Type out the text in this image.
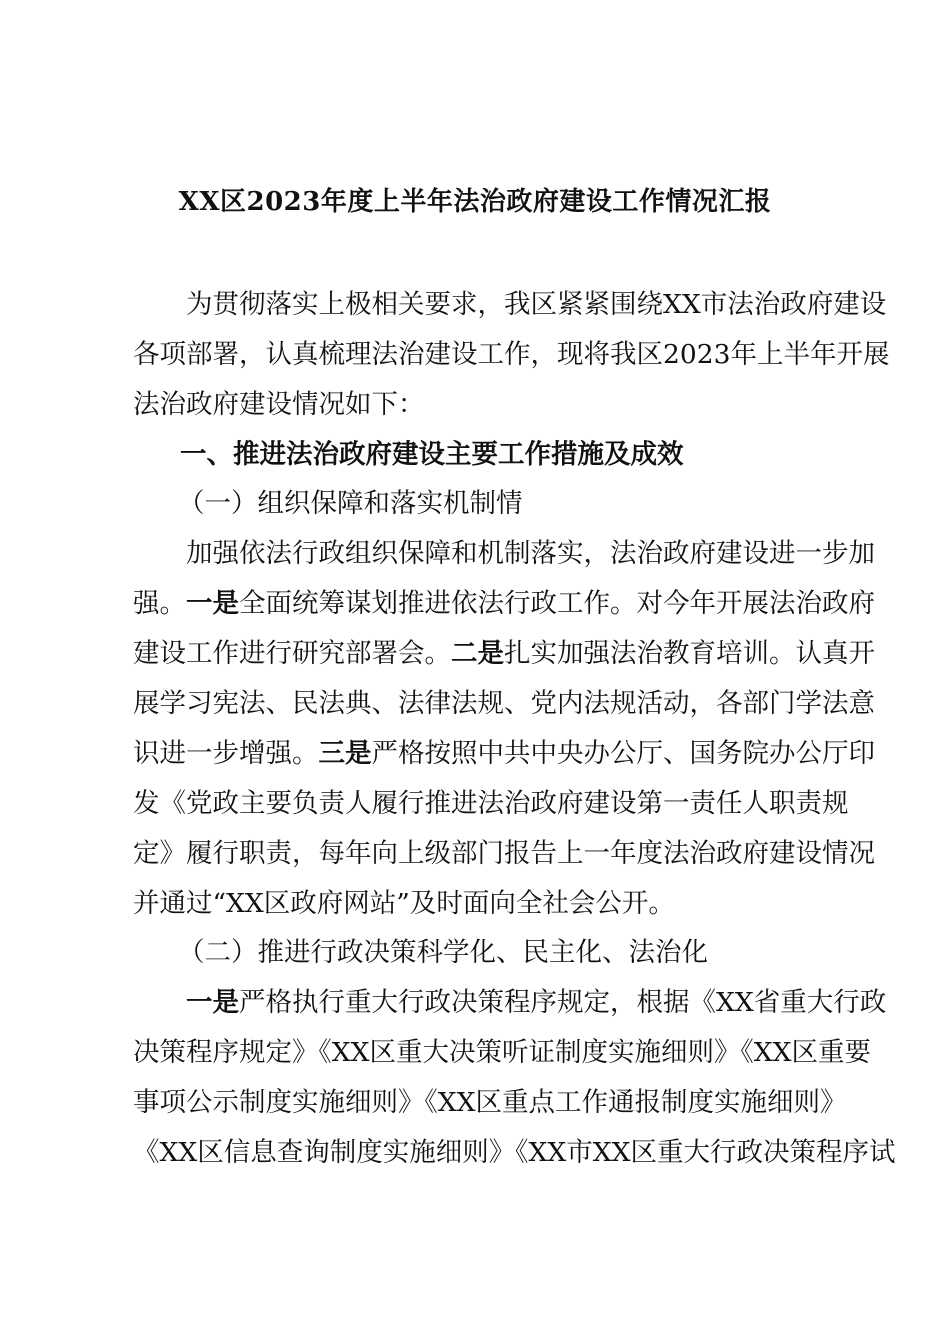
XX区2023年度上半年法治政府建设工作情况汇报
为贯彻落实上极相关要求，我区紧紧围绕XX市法治政府建设
各项部署，认真梳理法治建设工作，现将我区2023年上半年开展
法治政府建设情况如下：
一、推进法治政府建设主要工作措施及成效
（一）组织保障和落实机制情
加强依法行政组织保障和机制落实，法治政府建设进一步加
强。一是全面统筹谋划推进依法行政工作。对今年开展法治政府
建设工作进行研究部署会。二是扎实加强法治教育培训。认真开
展学习宪法、民法典、法律法规、党内法规活动，各部门学法意
识进一步增强。三是严格按照中共中央办公厅、国务院办公厅印
发《党政主要负责人履行推进法治政府建设第一责任人职责规
定》履行职责，每年向上级部门报告上一年度法治政府建设情况
并通过“XX区政府网站”及时面向全社会公开。
（二）推进行政决策科学化、民主化、法治化
一是严格执行重大行政决策程序规定，根据《XX省重大行政
决策程序规定》《XX区重大决策听证制度实施细则》《XX区重要
事项公示制度实施细则》《XX区重点工作通报制度实施细则》
《XX区信息查询制度实施细则》《XX市XX区重大行政决策程序试
